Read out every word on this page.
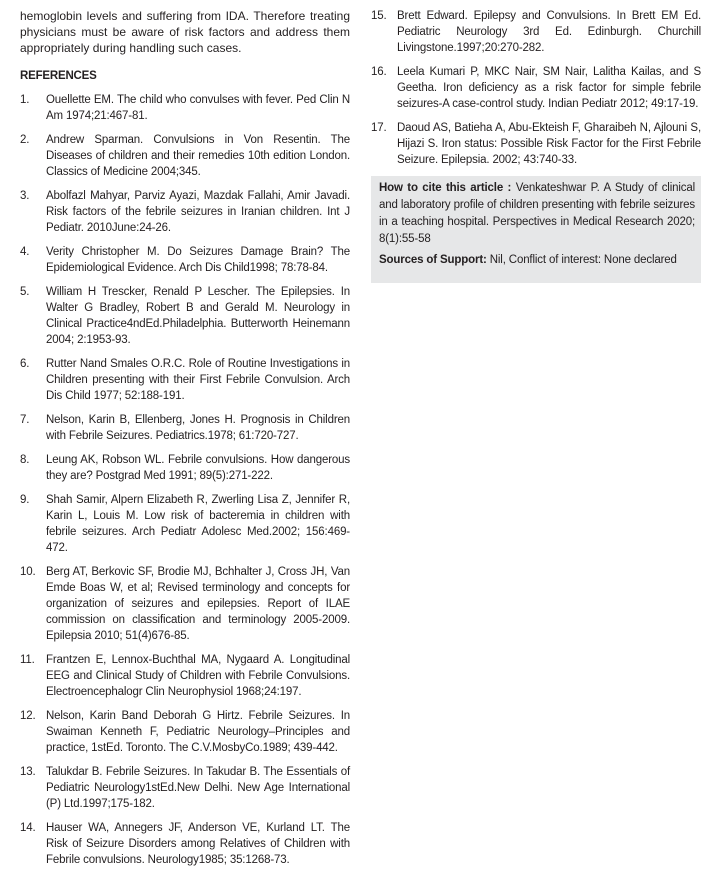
hemoglobin levels and suffering from IDA. Therefore treating physicians must be aware of risk factors and address them appropriately during handling such cases.

REFERENCES
1.	Ouellette EM. The child who convulses with fever. Ped Clin N Am 1974;21:467-81.
2.	Andrew Sparman. Convulsions in Von Resentin. The Diseases of children and their remedies 10th edition London. Classics of Medicine 2004;345.
3.	Abolfazl Mahyar, Parviz Ayazi, Mazdak Fallahi, Amir Javadi. Risk factors of the febrile seizures in Iranian children. Int J Pediatr. 2010June:24-26.
4.	Verity Christopher M. Do Seizures Damage Brain? The Epidemiological Evidence. Arch Dis Child1998; 78:78-84.
5.	William H Trescker, Renald P Lescher. The Epilepsies. In Walter G Bradley, Robert B and Gerald M. Neurology in Clinical Practice4ndEd.Philadelphia. Butterworth Heinemann 2004; 2:1953-93.
6.	Rutter Nand Smales O.R.C. Role of Routine Investigations in Children presenting with their First Febrile Convulsion. Arch Dis Child 1977; 52:188-191.
7.	Nelson, Karin B, Ellenberg, Jones H. Prognosis in Children with Febrile Seizures. Pediatrics.1978; 61:720-727.
8.	Leung AK, Robson WL. Febrile convulsions. How dangerous they are? Postgrad Med 1991; 89(5):271-222.
9.	Shah Samir, Alpern Elizabeth R, Zwerling Lisa Z, Jennifer R, Karin L, Louis M. Low risk of bacteremia in children with febrile seizures. Arch Pediatr Adolesc Med.2002; 156:469-472.
10. Berg AT, Berkovic SF, Brodie MJ, Bchhalter J, Cross JH, Van Emde Boas W, et al; Revised terminology and concepts for organization of seizures and epilepsies. Report of ILAE commission on classification and terminology 2005-2009. Epilepsia 2010; 51(4)676-85.
11. Frantzen E, Lennox-Buchthal MA, Nygaard A. Longitudinal EEG and Clinical Study of Children with Febrile Convulsions. Electroencephalogr Clin Neurophysiol 1968;24:197.
12. Nelson, Karin Band Deborah G Hirtz. Febrile Seizures. In Swaiman Kenneth F, Pediatric Neurology–Principles and practice, 1stEd. Toronto. The C.V.MosbyCo.1989; 439-442.
13. Talukdar B. Febrile Seizures. In Takudar B. The Essentials of Pediatric Neurology1stEd.New Delhi. New Age International (P) Ltd.1997;175-182.
14. Hauser WA, Annegers JF, Anderson VE, Kurland LT. The Risk of Seizure Disorders among Relatives of Children with Febrile convulsions. Neurology1985; 35:1268-73.
15. Brett Edward. Epilepsy and Convulsions. In Brett EM Ed. Pediatric Neurology 3rd Ed. Edinburgh. Churchill Livingstone.1997;20:270-282.
16. Leela Kumari P, MKC Nair, SM Nair, Lalitha Kailas, and S Geetha. Iron deficiency as a risk factor for simple febrile seizures-A case-control study. Indian Pediatr 2012; 49:17-19.
17. Daoud AS, Batieha A, Abu-Ekteish F, Gharaibeh N, Ajlouni S, Hijazi S. Iron status: Possible Risk Factor for the First Febrile Seizure. Epilepsia. 2002; 43:740-33.

How to cite this article : Venkateshwar P. A Study of clinical and laboratory profile of children presenting with febrile seizures in a teaching hospital. Perspectives in Medical Research 2020; 8(1):55-58

Sources of Support: Nil, Conflict of interest: None declared
